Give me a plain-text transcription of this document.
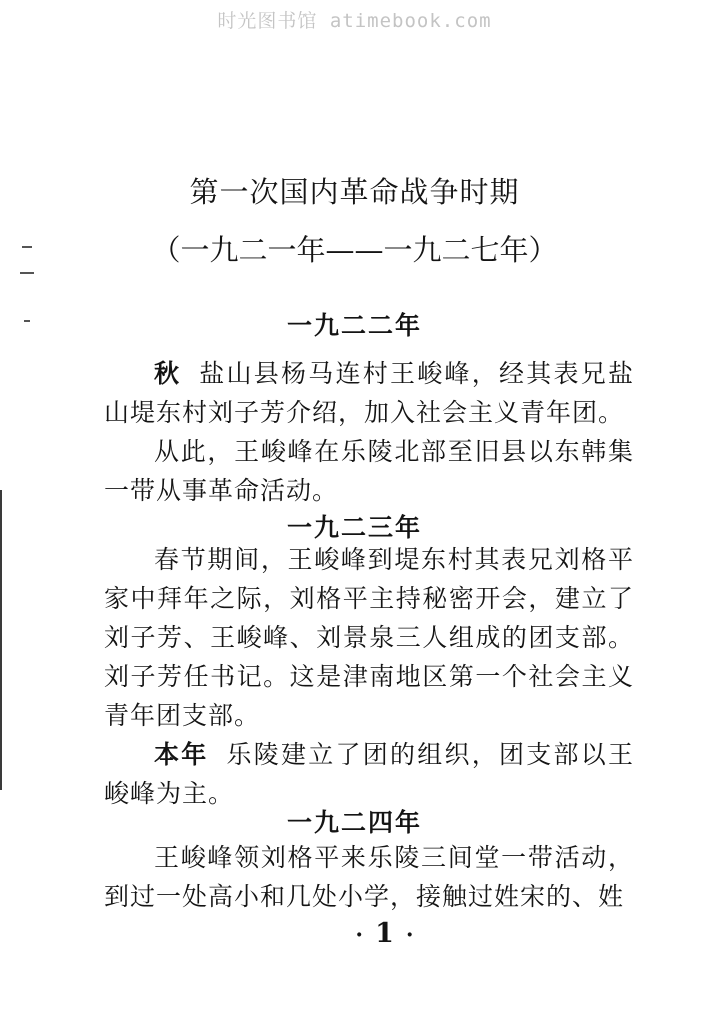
时光图书馆 atimebook.com
第一次国内革命战争时期
（一九二一年——一九二七年）
一九二二年

秋 盐山县杨马连村王峻峰，经其表兄盐山堤东村刘子芳介绍，加入社会主义青年团。

从此，王峻峰在乐陵北部至旧县以东韩集一带从事革命活动。

一九二三年

春节期间，王峻峰到堤东村其表兄刘格平家中拜年之际，刘格平主持秘密开会，建立了刘子芳、王峻峰、刘景泉三人组成的团支部。刘子芳任书记。这是津南地区第一个社会主义青年团支部。

本年 乐陵建立了团的组织，团支部以王峻峰为主。

一九二四年

王峻峰领刘格平来乐陵三间堂一带活动，到过一处高小和几处小学，接触过姓宋的、姓

· 1 ·
